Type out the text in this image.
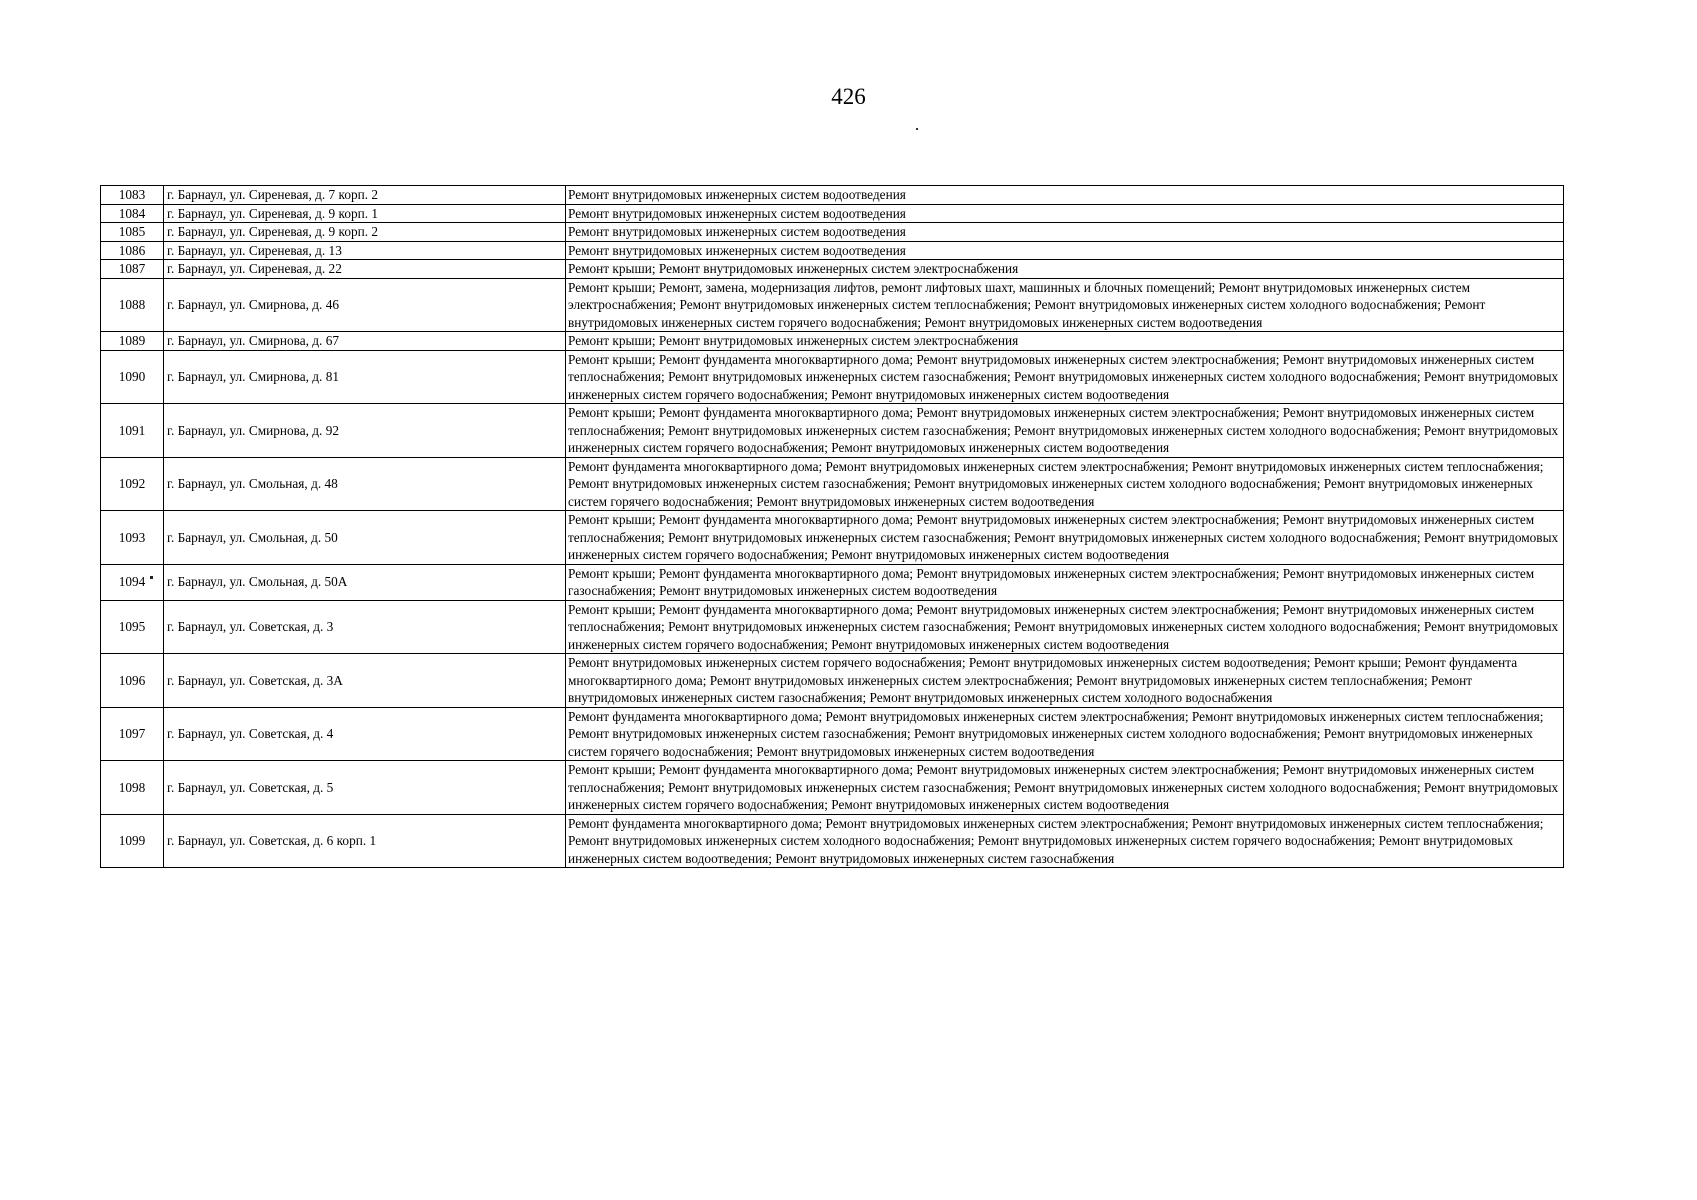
426
1083	г. Барнаул, ул. Сиреневая, д. 7 корп. 2	Ремонт внутридомовых инженерных систем водоотведения
1084	г. Барнаул, ул. Сиреневая, д. 9 корп. 1	Ремонт внутридомовых инженерных систем водоотведения
1085	г. Барнаул, ул. Сиреневая, д. 9 корп. 2	Ремонт внутридомовых инженерных систем водоотведения
1086	г. Барнаул, ул. Сиреневая, д. 13	Ремонт внутридомовых инженерных систем водоотведения
1087	г. Барнаул, ул. Сиреневая, д. 22	Ремонт крыши; Ремонт внутридомовых инженерных систем электроснабжения
1088	г. Барнаул, ул. Смирнова, д. 46	Ремонт крыши; Ремонт, замена, модернизация лифтов, ремонт лифтовых шахт, машинных и блочных помещений; Ремонт внутридомовых инженерных систем электроснабжения; Ремонт внутридомовых инженерных систем теплоснабжения; Ремонт внутридомовых инженерных систем холодного водоснабжения; Ремонт внутридомовых инженерных систем горячего водоснабжения; Ремонт внутридомовых инженерных систем водоотведения
1089	г. Барнаул, ул. Смирнова, д. 67	Ремонт крыши; Ремонт внутридомовых инженерных систем электроснабжения
1090	г. Барнаул, ул. Смирнова, д. 81	Ремонт крыши; Ремонт фундамента многоквартирного дома; Ремонт внутридомовых инженерных систем электроснабжения; Ремонт внутридомовых инженерных систем теплоснабжения; Ремонт внутридомовых инженерных систем газоснабжения; Ремонт внутридомовых инженерных систем холодного водоснабжения; Ремонт внутридомовых инженерных систем горячего водоснабжения; Ремонт внутридомовых инженерных систем водоотведения
1091	г. Барнаул, ул. Смирнова, д. 92	Ремонт крыши; Ремонт фундамента многоквартирного дома; Ремонт внутридомовых инженерных систем электроснабжения; Ремонт внутридомовых инженерных систем теплоснабжения; Ремонт внутридомовых инженерных систем газоснабжения; Ремонт внутридомовых инженерных систем холодного водоснабжения; Ремонт внутридомовых инженерных систем горячего водоснабжения; Ремонт внутридомовых инженерных систем водоотведения
1092	г. Барнаул, ул. Смольная, д. 48	Ремонт фундамента многоквартирного дома; Ремонт внутридомовых инженерных систем электроснабжения; Ремонт внутридомовых инженерных систем теплоснабжения; Ремонт внутридомовых инженерных систем газоснабжения; Ремонт внутридомовых инженерных систем холодного водоснабжения; Ремонт внутридомовых инженерных систем горячего водоснабжения; Ремонт внутридомовых инженерных систем водоотведения
1093	г. Барнаул, ул. Смольная, д. 50	Ремонт крыши; Ремонт фундамента многоквартирного дома; Ремонт внутридомовых инженерных систем электроснабжения; Ремонт внутридомовых инженерных систем теплоснабжения; Ремонт внутридомовых инженерных систем газоснабжения; Ремонт внутридомовых инженерных систем холодного водоснабжения; Ремонт внутридомовых инженерных систем горячего водоснабжения; Ремонт внутридомовых инженерных систем водоотведения
1094	г. Барнаул, ул. Смольная, д. 50А	Ремонт крыши; Ремонт фундамента многоквартирного дома; Ремонт внутридомовых инженерных систем электроснабжения; Ремонт внутридомовых инженерных систем газоснабжения; Ремонт внутридомовых инженерных систем водоотведения
1095	г. Барнаул, ул. Советская, д. 3	Ремонт крыши; Ремонт фундамента многоквартирного дома; Ремонт внутридомовых инженерных систем электроснабжения; Ремонт внутридомовых инженерных систем теплоснабжения; Ремонт внутридомовых инженерных систем газоснабжения; Ремонт внутридомовых инженерных систем холодного водоснабжения; Ремонт внутридомовых инженерных систем горячего водоснабжения; Ремонт внутридомовых инженерных систем водоотведения
1096	г. Барнаул, ул. Советская, д. 3А	Ремонт внутридомовых инженерных систем горячего водоснабжения; Ремонт внутридомовых инженерных систем водоотведения; Ремонт крыши; Ремонт фундамента многоквартирного дома; Ремонт внутридомовых инженерных систем электроснабжения; Ремонт внутридомовых инженерных систем теплоснабжения; Ремонт внутридомовых инженерных систем газоснабжения; Ремонт внутридомовых инженерных систем холодного водоснабжения
1097	г. Барнаул, ул. Советская, д. 4	Ремонт фундамента многоквартирного дома; Ремонт внутридомовых инженерных систем электроснабжения; Ремонт внутридомовых инженерных систем теплоснабжения; Ремонт внутридомовых инженерных систем газоснабжения; Ремонт внутридомовых инженерных систем холодного водоснабжения; Ремонт внутридомовых инженерных систем горячего водоснабжения; Ремонт внутридомовых инженерных систем водоотведения
1098	г. Барнаул, ул. Советская, д. 5	Ремонт крыши; Ремонт фундамента многоквартирного дома; Ремонт внутридомовых инженерных систем электроснабжения; Ремонт внутридомовых инженерных систем теплоснабжения; Ремонт внутридомовых инженерных систем газоснабжения; Ремонт внутридомовых инженерных систем холодного водоснабжения; Ремонт внутридомовых инженерных систем горячего водоснабжения; Ремонт внутридомовых инженерных систем водоотведения
1099	г. Барнаул, ул. Советская, д. 6 корп. 1	Ремонт фундамента многоквартирного дома; Ремонт внутридомовых инженерных систем электроснабжения; Ремонт внутридомовых инженерных систем теплоснабжения; Ремонт внутридомовых инженерных систем холодного водоснабжения; Ремонт внутридомовых инженерных систем горячего водоснабжения; Ремонт внутридомовых инженерных систем водоотведения; Ремонт внутридомовых инженерных систем газоснабжения
